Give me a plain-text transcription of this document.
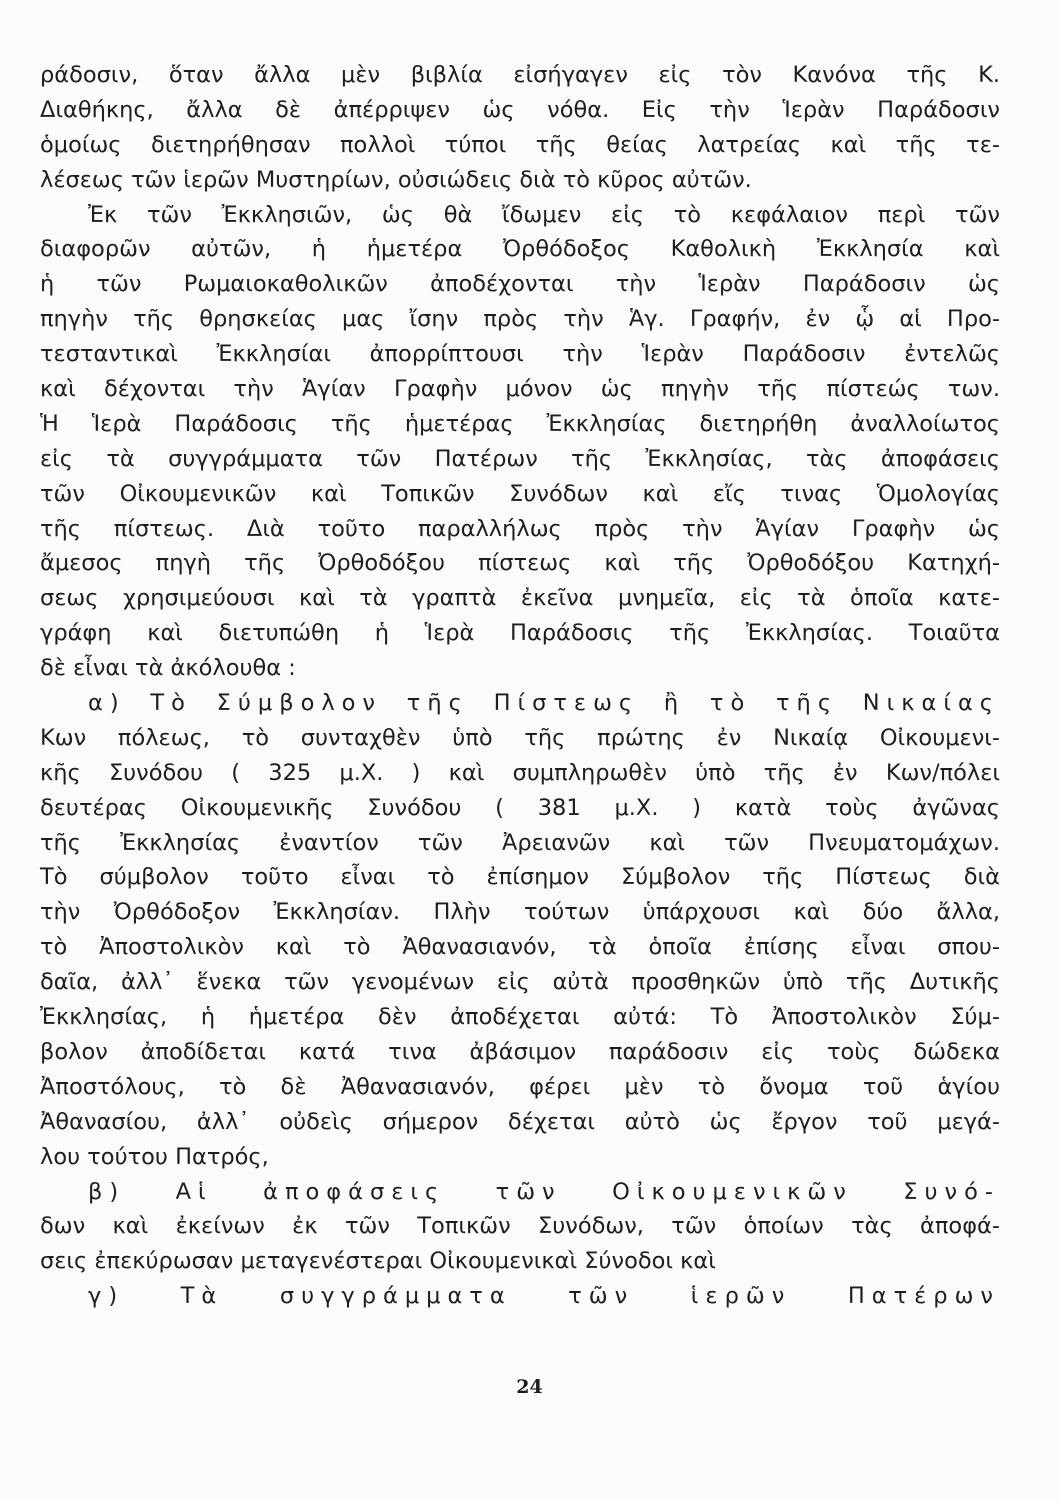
ράδοσιν, ὅταν ἄλλα μὲν βιβλία εἰσήγαγεν εἰς τὸν Κανόνα τῆς Κ.
Διαθήκης, ἄλλα δὲ ἀπέρριψεν ὡς νόθα. Εἰς τὴν Ἱερὰν Παράδοσιν
ὁμοίως διετηρήθησαν πολλοὶ τύποι τῆς θείας λατρείας καὶ τῆς τε-
λέσεως τῶν ἱερῶν Μυστηρίων, οὐσιώδεις διὰ τὸ κῦρος αὐτῶν.
Ἐκ τῶν Ἐκκλησιῶν, ὡς θὰ ἴδωμεν εἰς τὸ κεφάλαιον περὶ τῶν
διαφορῶν αὐτῶν, ἡ ἡμετέρα Ὀρθόδοξος Καθολικὴ Ἐκκλησία καὶ
ἡ τῶν Ρωμαιοκαθολικῶν ἀποδέχονται τὴν Ἱερὰν Παράδοσιν ὡς
πηγὴν τῆς θρησκείας μας ἴσην πρὸς τὴν Ἁγ. Γραφήν, ἐν ᾧ αἱ Προ-
τεσταντικαὶ Ἐκκλησίαι ἀπορρίπτουσι τὴν Ἱερὰν Παράδοσιν ἐντελῶς
καὶ δέχονται τὴν Ἁγίαν Γραφὴν μόνον ὡς πηγὴν τῆς πίστεώς των.
Ἡ Ἱερὰ Παράδοσις τῆς ἡμετέρας Ἐκκλησίας διετηρήθη ἀναλλοίωτος
εἰς τὰ συγγράμματα τῶν Πατέρων τῆς Ἐκκλησίας, τὰς ἀποφάσεις
τῶν Οἰκουμενικῶν καὶ Τοπικῶν Συνόδων καὶ εἴς τινας Ὁμολογίας
τῆς πίστεως. Διὰ τοῦτο παραλλήλως πρὸς τὴν Ἁγίαν Γραφὴν ὡς
ἄμεσος πηγὴ τῆς Ὀρθοδόξου πίστεως καὶ τῆς Ὀρθοδόξου Κατηχή-
σεως χρησιμεύουσι καὶ τὰ γραπτὰ ἐκεῖνα μνημεῖα, εἰς τὰ ὁποῖα κατε-
γράφη καὶ διετυπώθη ἡ Ἱερὰ Παράδοσις τῆς Ἐκκλησίας. Τοιαῦτα
δὲ εἶναι τὰ ἀκόλουθα :
α) Τὸ Σύμβολον τῆς Πίστεως ἢ τὸ τῆς Νικαίας
Κων πόλεως, τὸ συνταχθὲν ὑπὸ τῆς πρώτης ἐν Νικαίᾳ Οἰκουμενι-
κῆς Συνόδου ( 325 μ.Χ. ) καὶ συμπληρωθὲν ὑπὸ τῆς ἐν Κων/πόλει
δευτέρας Οἰκουμενικῆς Συνόδου ( 381 μ.Χ. ) κατὰ τοὺς ἀγῶνας
τῆς Ἐκκλησίας ἐναντίον τῶν Ἀρειανῶν καὶ τῶν Πνευματομάχων.
Τὸ σύμβολον τοῦτο εἶναι τὸ ἐπίσημον Σύμβολον τῆς Πίστεως διὰ
τὴν Ὀρθόδοξον Ἐκκλησίαν. Πλὴν τούτων ὑπάρχουσι καὶ δύο ἄλλα,
τὸ Ἀποστολικὸν καὶ τὸ Ἀθανασιανόν, τὰ ὁποῖα ἐπίσης εἶναι σπου-
δαῖα, ἀλλ᾽ ἕνεκα τῶν γενομένων εἰς αὐτὰ προσθηκῶν ὑπὸ τῆς Δυτικῆς
Ἐκκλησίας, ἡ ἡμετέρα δὲν ἀποδέχεται αὐτά: Τὸ Ἀποστολικὸν Σύμ-
βολον ἀποδίδεται κατά τινα ἀβάσιμον παράδοσιν εἰς τοὺς δώδεκα
Ἀποστόλους, τὸ δὲ Ἀθανασιανόν, φέρει μὲν τὸ ὄνομα τοῦ ἁγίου
Ἀθανασίου, ἀλλ᾽ οὐδεὶς σήμερον δέχεται αὐτὸ ὡς ἔργον τοῦ μεγά-
λου τούτου Πατρός,
β) Αἱ ἀποφάσεις τῶν Οἰκουμενικῶν Συνό-
δων καὶ ἐκείνων ἐκ τῶν Τοπικῶν Συνόδων, τῶν ὁποίων τὰς ἀποφά-
σεις ἐπεκύρωσαν μεταγενέστεραι Οἰκουμενικαὶ Σύνοδοι καὶ
γ) Τὰ συγγράμματα τῶν ἱερῶν Πατέρων
24
